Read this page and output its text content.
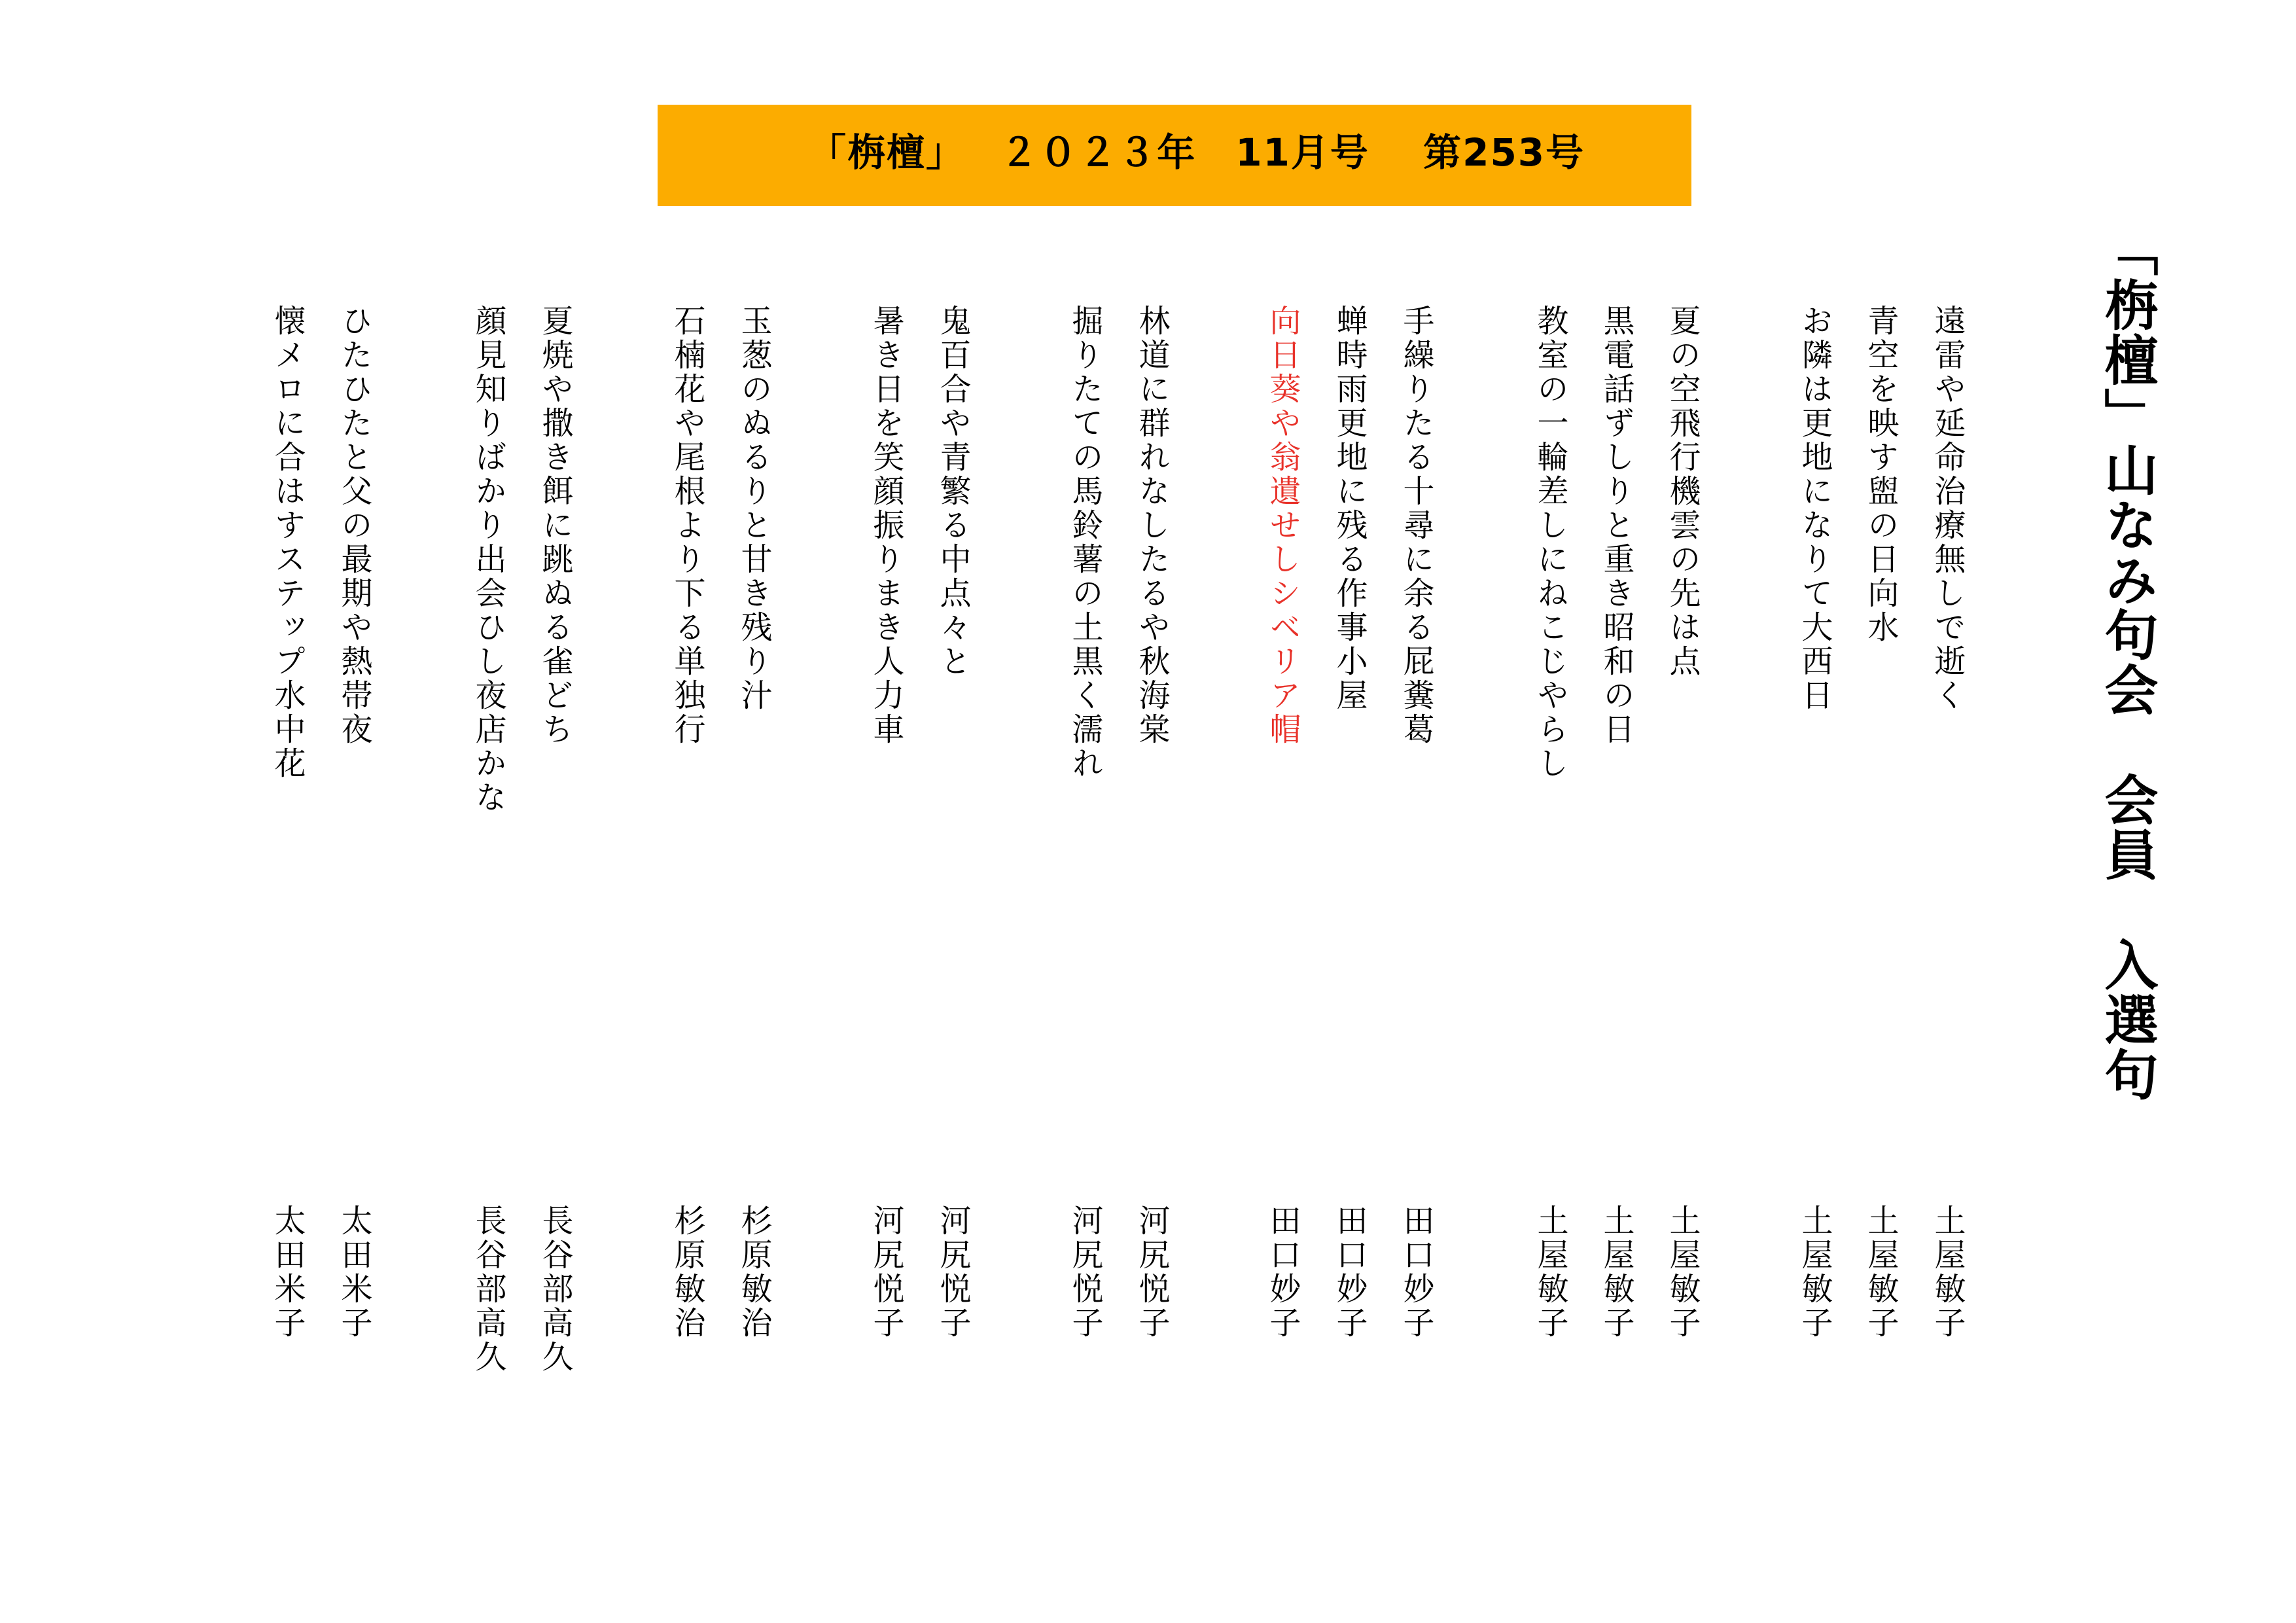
「栴檀」　 ２０２３年　11月号　 第253号
「栴檀」山なみ句会　会員　入選句
遠雷や延命治療無しで逝く
土屋敏子
青空を映す盥の日向水
土屋敏子
お隣は更地になりて大西日
土屋敏子
夏の空飛行機雲の先は点
土屋敏子
黒電話ずしりと重き昭和の日
土屋敏子
教室の一輪差しにねこじやらし
土屋敏子
手繰りたる十尋に余る屁糞葛
田口妙子
蝉時雨更地に残る作事小屋
田口妙子
向日葵や翁遺せしシベリア帽
田口妙子
林道に群れなしたるや秋海棠
河尻悦子
掘りたての馬鈴薯の土黒く濡れ
河尻悦子
鬼百合や青繁る中点々と
河尻悦子
暑き日を笑顔振りまき人力車
河尻悦子
玉葱のぬるりと甘き残り汁
杉原敏治
石楠花や尾根より下る単独行
杉原敏治
夏焼や撒き餌に跳ぬる雀どち
長谷部高久
顔見知りばかり出会ひし夜店かな
長谷部高久
ひたひたと父の最期や熱帯夜
太田米子
懐メロに合はすステップ水中花
太田米子
